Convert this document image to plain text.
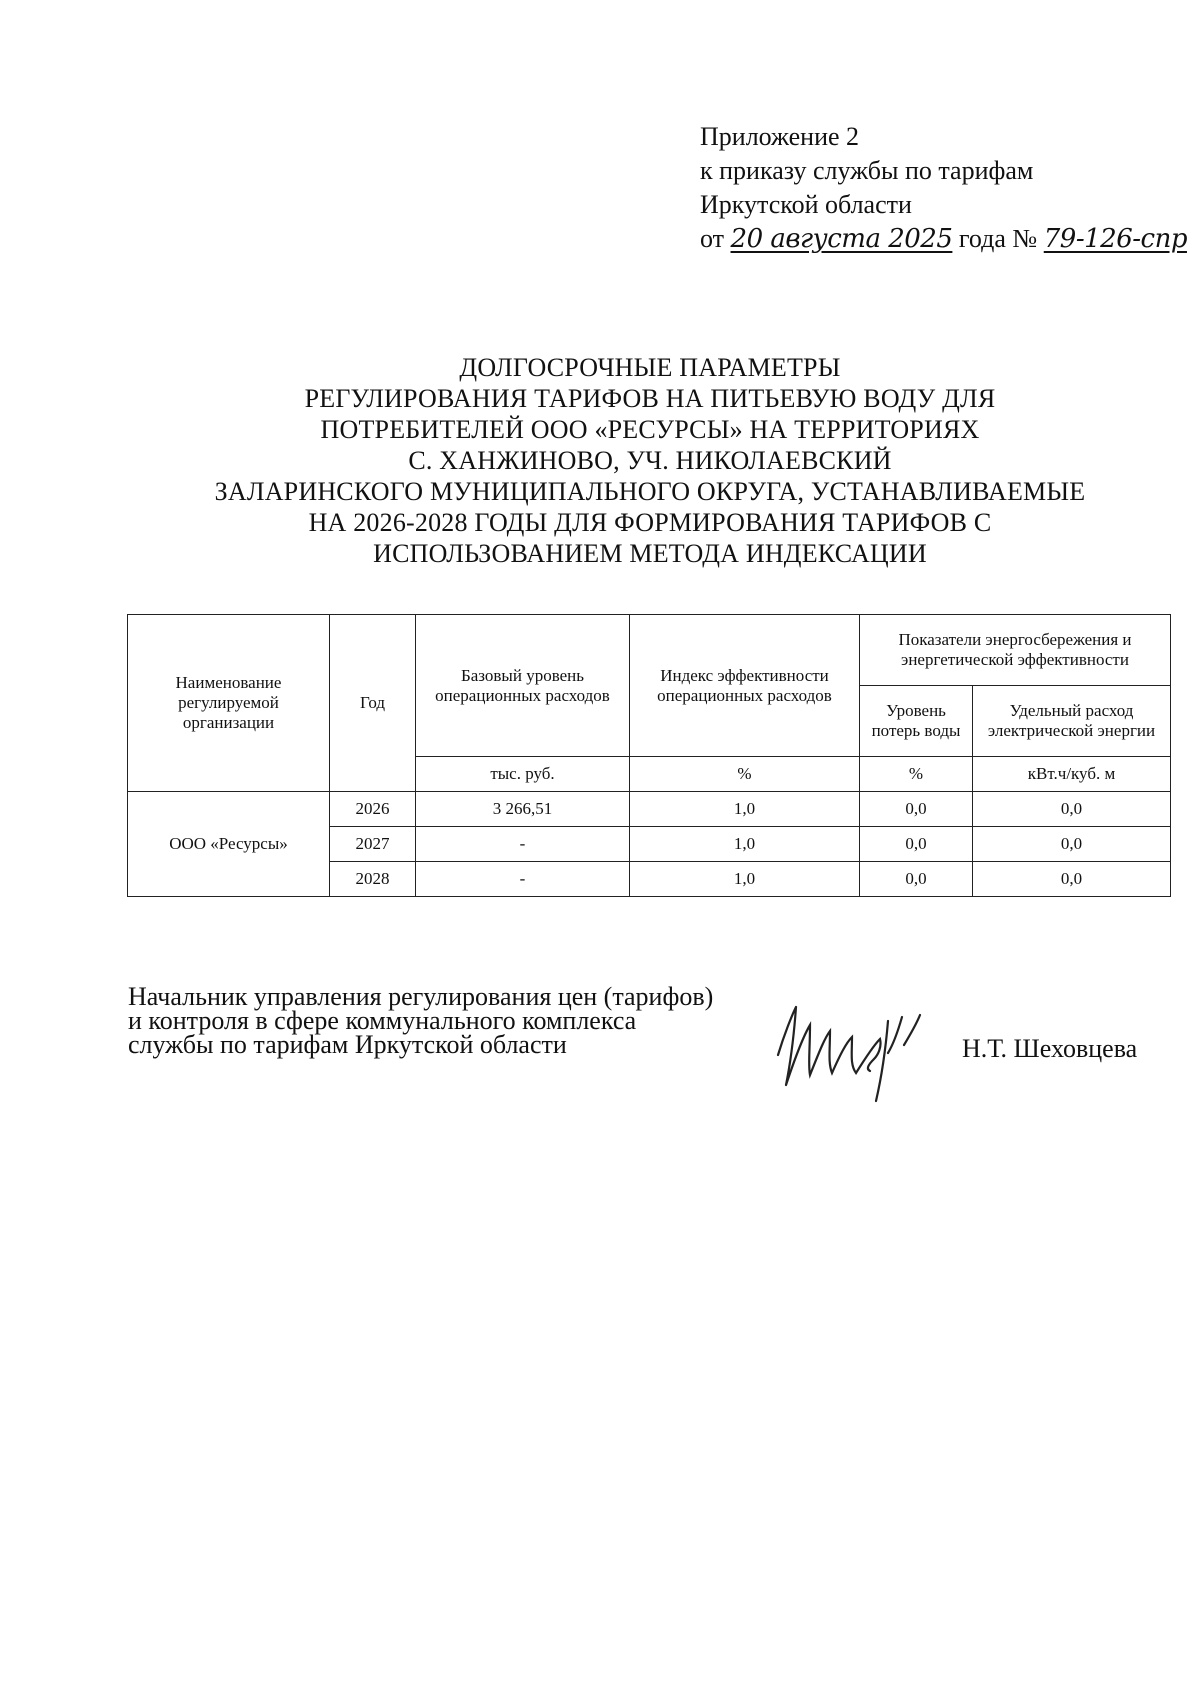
Приложение 2
к приказу службы по тарифам
Иркутской области
от 20 августа 2025 года № 79-126-спр
ДОЛГОСРОЧНЫЕ ПАРАМЕТРЫ
РЕГУЛИРОВАНИЯ ТАРИФОВ НА ПИТЬЕВУЮ ВОДУ ДЛЯ
ПОТРЕБИТЕЛЕЙ ООО «РЕСУРСЫ» НА ТЕРРИТОРИЯХ
С. ХАНЖИНОВО, УЧ. НИКОЛАЕВСКИЙ
ЗАЛАРИНСКОГО МУНИЦИПАЛЬНОГО ОКРУГА, УСТАНАВЛИВАЕМЫЕ
НА 2026-2028 ГОДЫ ДЛЯ ФОРМИРОВАНИЯ ТАРИФОВ С
ИСПОЛЬЗОВАНИЕМ МЕТОДА ИНДЕКСАЦИИ
Наименование регулируемой организации	Год	Базовый уровень операционных расходов	Индекс эффективности операционных расходов	Показатели энергосбережения и энергетической эффективности	
				Уровень потерь воды	Удельный расход электрической энергии
		тыс. руб.	%	%	кВт.ч/куб. м
ООО «Ресурсы»	2026	3 266,51	1,0	0,0	0,0
	2027	-	1,0	0,0	0,0
	2028	-	1,0	0,0	0,0
Начальник управления регулирования цен (тарифов)
и контроля в сфере коммунального комплекса
службы по тарифам Иркутской области	Н.Т. Шеховцева
